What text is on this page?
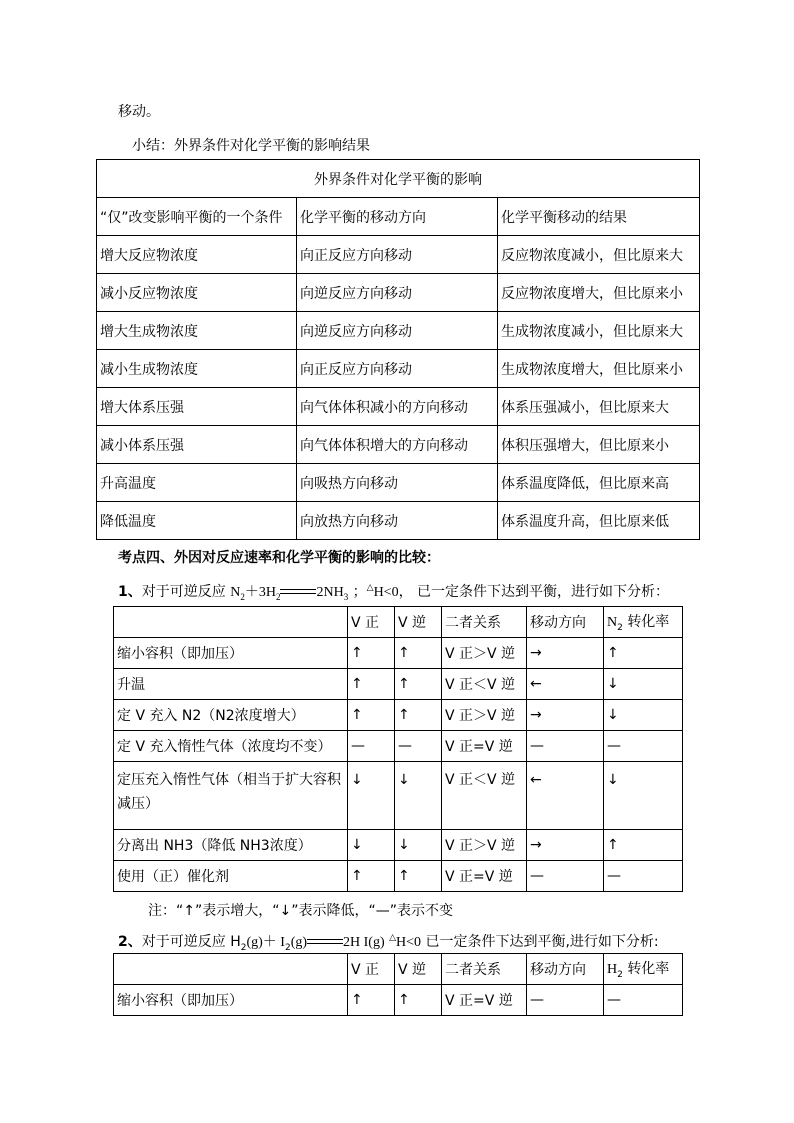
移动。
小结：外界条件对化学平衡的影响结果
外界条件对化学平衡的影响		
“仅”改变影响平衡的一个条件	化学平衡的移动方向	化学平衡移动的结果
增大反应物浓度	向正反应方向移动	反应物浓度减小，但比原来大
减小反应物浓度	向逆反应方向移动	反应物浓度增大，但比原来小
增大生成物浓度	向逆反应方向移动	生成物浓度减小，但比原来大
减小生成物浓度	向正反应方向移动	生成物浓度增大，但比原来小
增大体系压强	向气体体积减小的方向移动	体系压强减小，但比原来大
减小体系压强	向气体体积增大的方向移动	体积压强增大，但比原来小
升高温度	向吸热方向移动	体系温度降低，但比原来高
降低温度	向放热方向移动	体系温度升高，但比原来低
考点四、外因对反应速率和化学平衡的影响的比较：
1、对于可逆反应 $N_2+3H_2$	$2NH_3$ ；△H<0， 已一定条件下达到平衡，进行如下分析：
	V 正	V 逆	二者关系	移动方向	$N_2$ 转化率
缩小容积（即加压）	↑	↑	V 正＞V 逆	→	↑
升温	↑	↑	V 正＜V 逆	←	↓
定 V 充入 N2（N2浓度增大）	↑	↑	V 正＞V 逆	→	↓
定 V 充入惰性气体（浓度均不变）	—	—	V 正=V 逆	—	—
定压充入惰性气体（相当于扩大容积减压）	↓	↓	V 正＜V 逆	←	↓
分离出 NH3（降低 NH3浓度）	↓	↓	V 正＞V 逆	→	↑
使用（正）催化剂	↑	↑	V 正=V 逆	—	—
注：“↑”表示增大，“↓”表示降低，“—”表示不变
2、对于可逆反应 $H_2(g)+ I_2(g)$	2H I(g) △H<0 已一定条件下达到平衡,进行如下分析:
	V 正	V 逆	二者关系	移动方向	$H_2$ 转化率
缩小容积（即加压）	↑	↑	V 正=V 逆	—	—
